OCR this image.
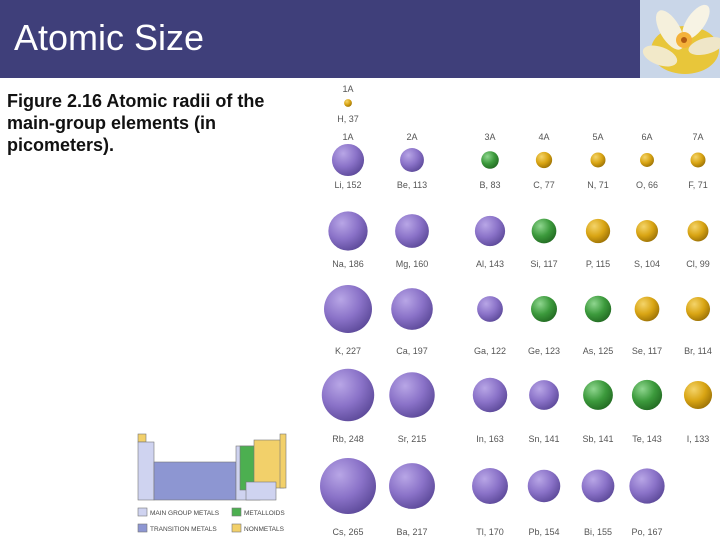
Atomic Size
Figure 2.16 Atomic radii of the main-group elements (in picometers).
1A
H, 37
1A	2A	3A	4A	5A	6A	7A
Li, 152	Be, 113	B, 83	C, 77	N, 71	O, 66	F, 71
Na, 186	Mg, 160	Al, 143	Si, 117	P, 115	S, 104	Cl, 99
K, 227	Ca, 197	Ga, 122 Ge, 123	As, 125 Se, 117 Br, 114
Rb, 248	Sr, 215	In, 163	Sn, 141	Sb, 141 Te, 143	I, 133
Cs, 265	Ba, 217	Tl, 170	Pb, 154	Bi, 155 Po, 167
MAIN GROUP METALS	METALLOIDS
TRANSITION METALS	NONMETALS
